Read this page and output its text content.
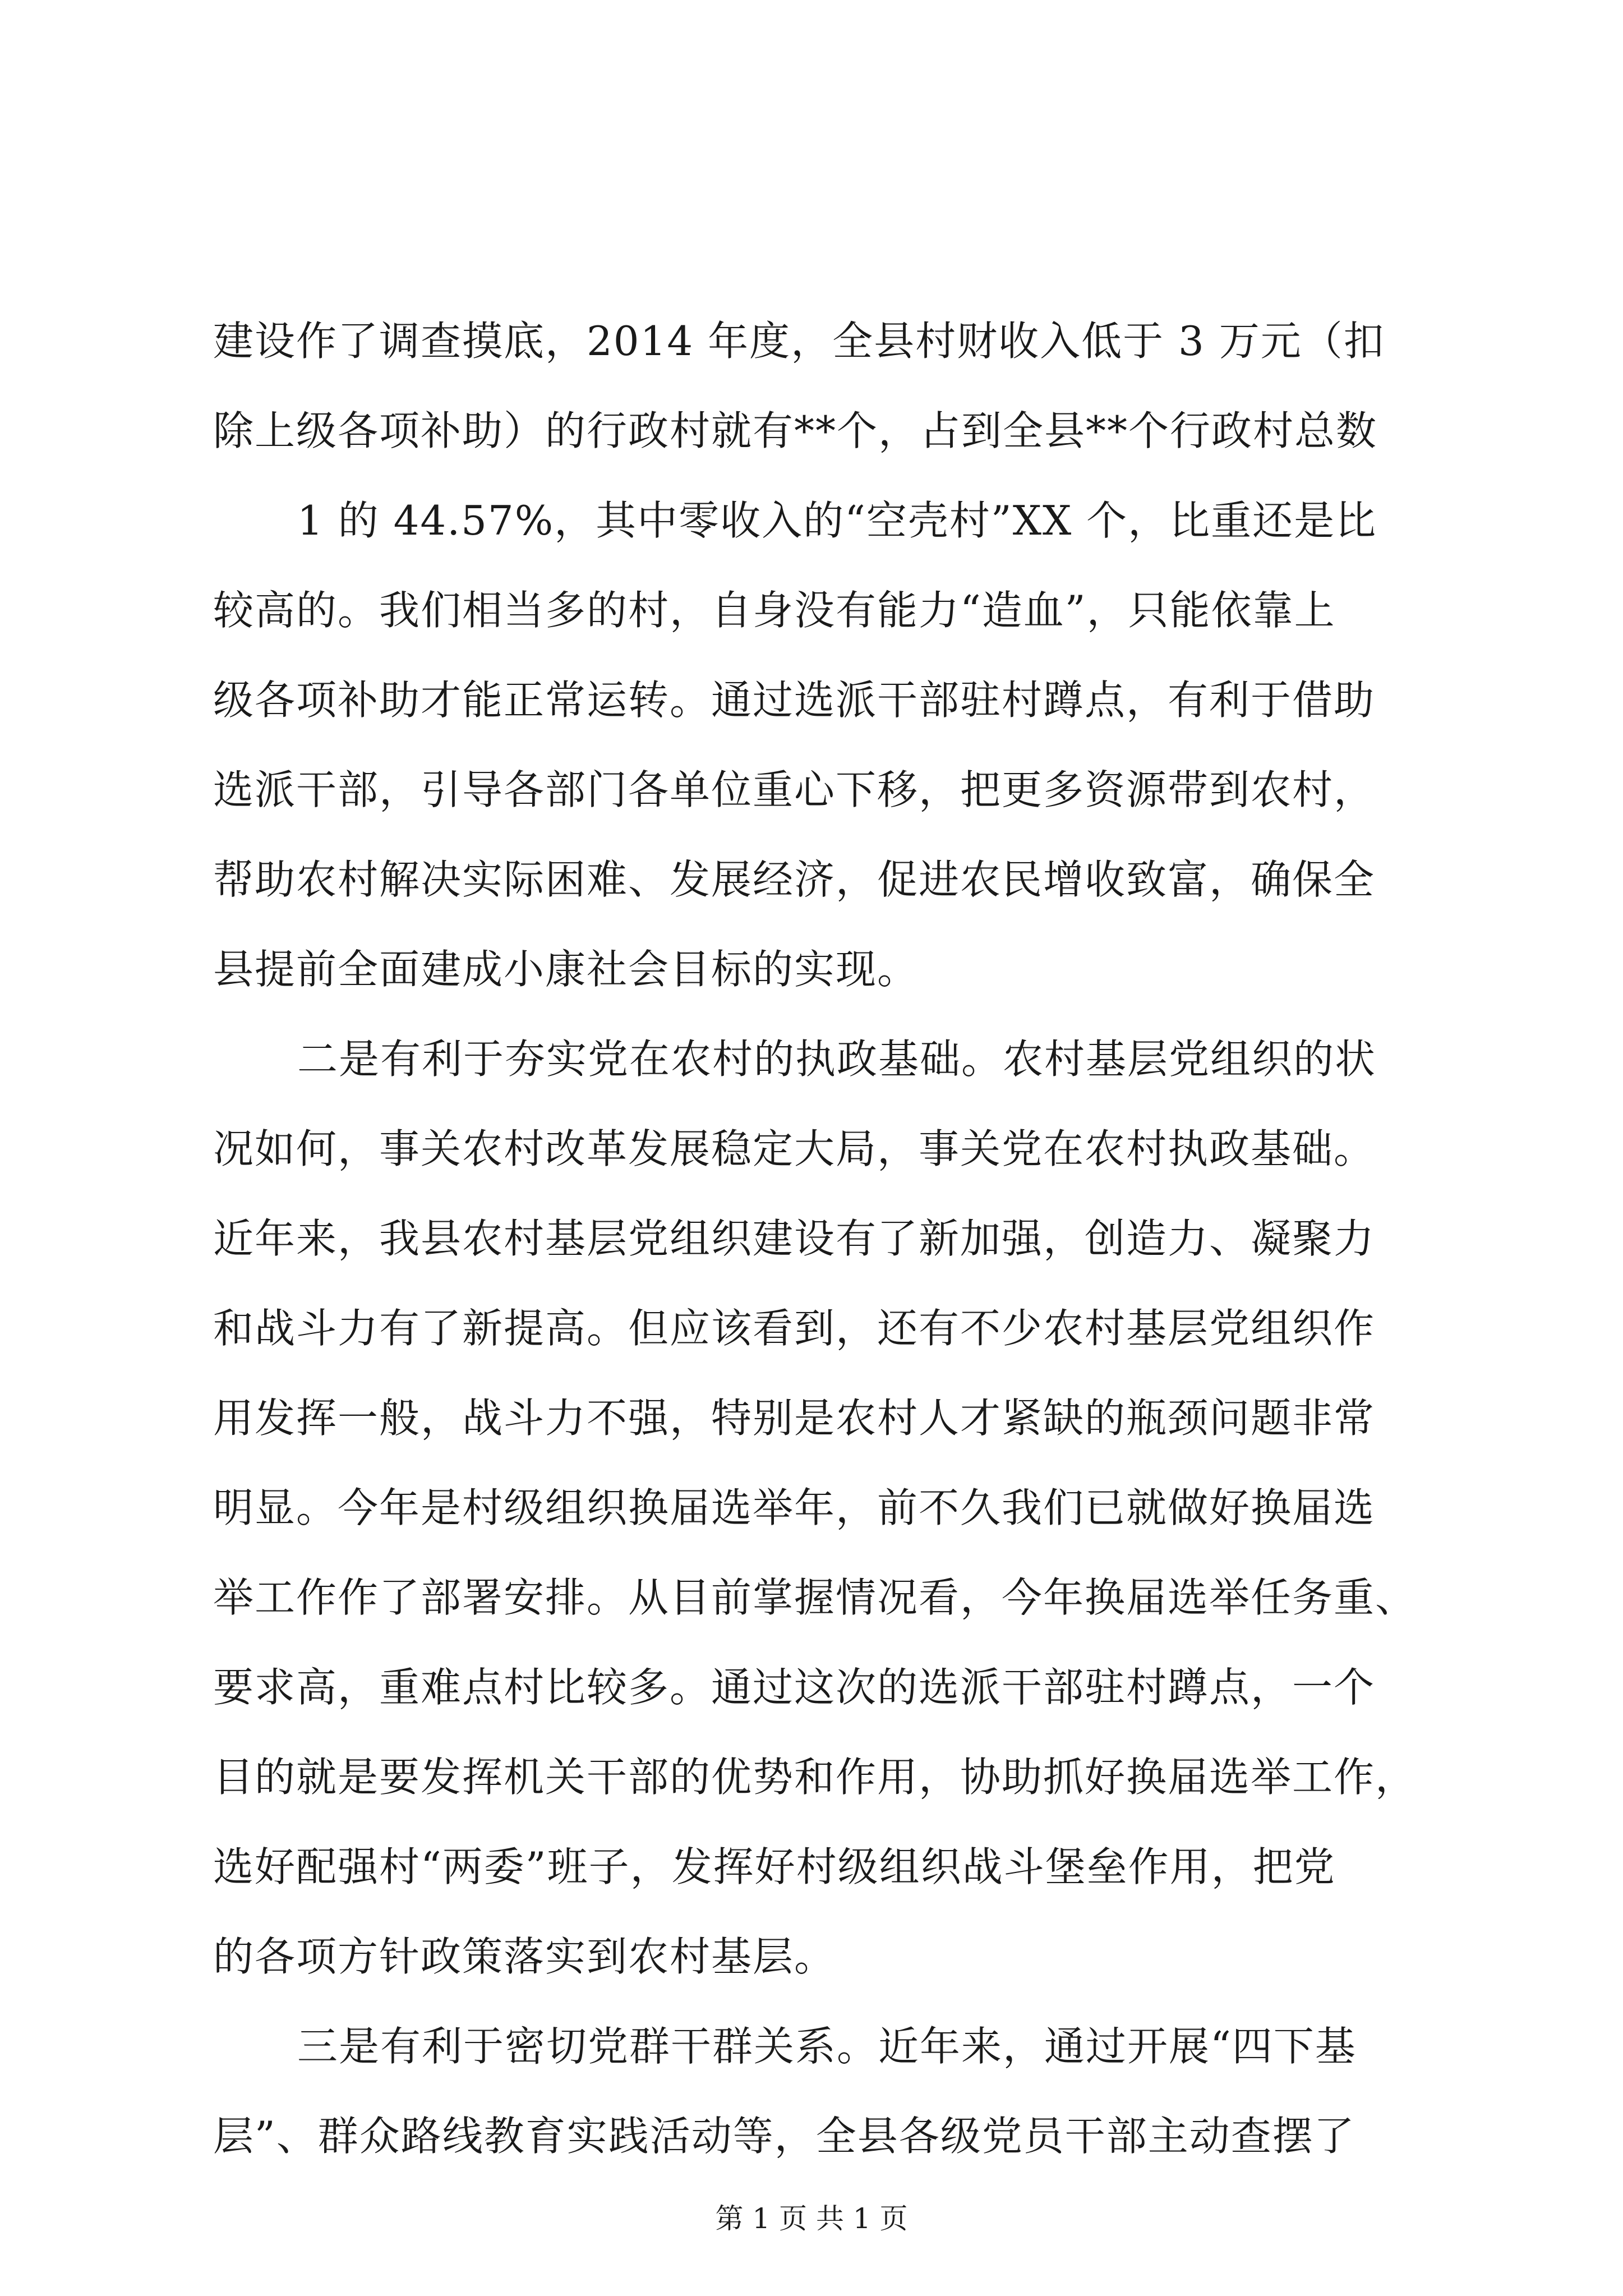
建设作了调查摸底，2014 年度，全县村财收入低于 3 万元（扣
除上级各项补助）的行政村就有**个，占到全县**个行政村总数
1 的 44.57%，其中零收入的“空壳村”XX 个，比重还是比
较高的。我们相当多的村，自身没有能力“造血”，只能依靠上
级各项补助才能正常运转。通过选派干部驻村蹲点，有利于借助
选派干部，引导各部门各单位重心下移，把更多资源带到农村，
帮助农村解决实际困难、发展经济，促进农民增收致富，确保全
县提前全面建成小康社会目标的实现。
二是有利于夯实党在农村的执政基础。农村基层党组织的状
况如何，事关农村改革发展稳定大局，事关党在农村执政基础。
近年来，我县农村基层党组织建设有了新加强，创造力、凝聚力
和战斗力有了新提高。但应该看到，还有不少农村基层党组织作
用发挥一般，战斗力不强，特别是农村人才紧缺的瓶颈问题非常
明显。今年是村级组织换届选举年，前不久我们已就做好换届选
举工作作了部署安排。从目前掌握情况看，今年换届选举任务重、
要求高，重难点村比较多。通过这次的选派干部驻村蹲点，一个
目的就是要发挥机关干部的优势和作用，协助抓好换届选举工作，
选好配强村“两委”班子，发挥好村级组织战斗堡垒作用，把党
的各项方针政策落实到农村基层。
三是有利于密切党群干群关系。近年来，通过开展“四下基
层”、群众路线教育实践活动等，全县各级党员干部主动查摆了
第 1 页 共 1 页
